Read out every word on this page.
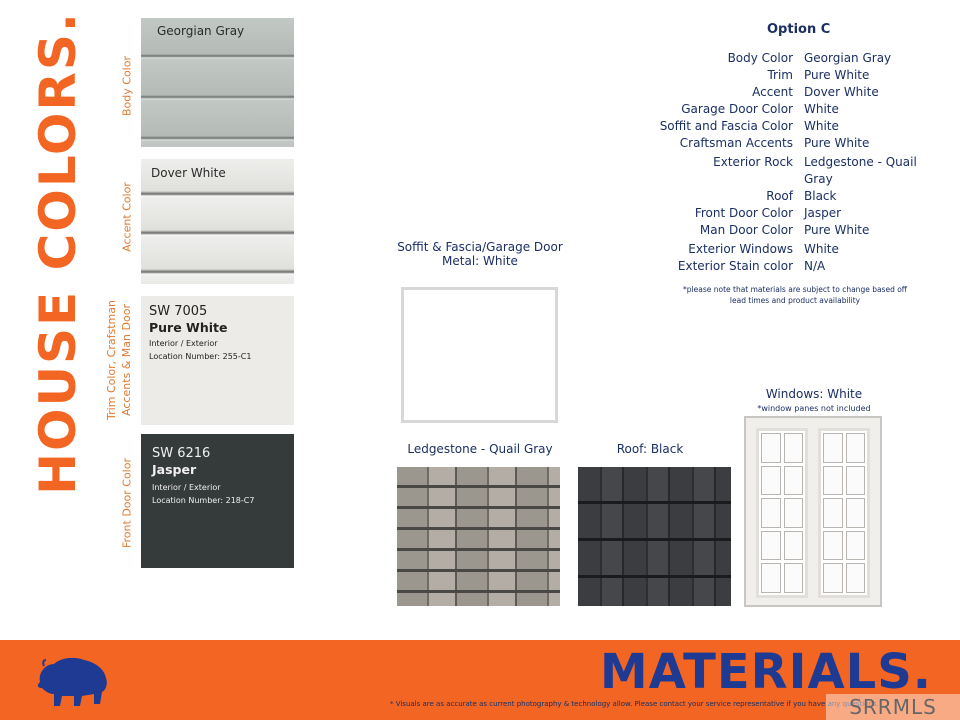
HOUSE COLORS.	Body Color
Accent Color
Trim Color, Crafstman Accents & Man Door
Front Door Color
Georgian Gray
Dover White
SW 7005
Pure White
Interior / Exterior
Location Number: 255-C1
SW 6216
Jasper
Interior / Exterior
Location Number: 218-C7
Option C
Body Color Georgian Gray
Trim Pure White
Accent Dover White
Garage Door Color White
Soffit and Fascia Color White
Craftsman Accents Pure White
Exterior Rock Ledgestone - Quail Gray
Roof Black
Front Door Color Jasper
Man Door Color Pure White
Exterior Windows White
Exterior Stain color N/A
*please note that materials are subject to change based off
lead times and product availability
Soffit & Fascia/Garage Door
Metal: White
Ledgestone - Quail Gray	Roof: Black
Windows: White
*window panes not included
MATERIALS.
* Visuals are as accurate as current photography & technology allow. Please contact your service representative if you have any questions.
SRRMLS
